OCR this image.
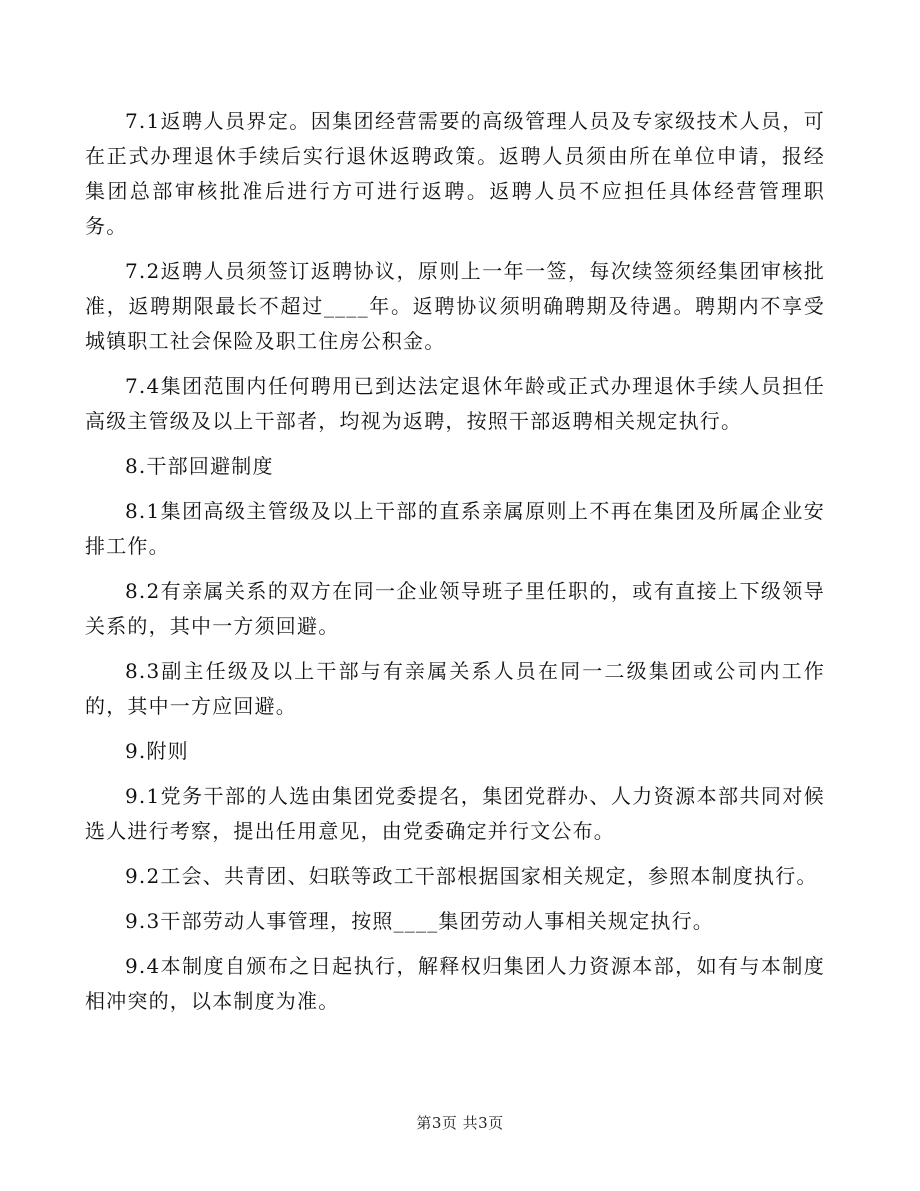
7.1返聘人员界定。因集团经营需要的高级管理人员及专家级技术人员，可在正式办理退休手续后实行退休返聘政策。返聘人员须由所在单位申请，报经集团总部审核批准后进行方可进行返聘。返聘人员不应担任具体经营管理职务。

7.2返聘人员须签订返聘协议，原则上一年一签，每次续签须经集团审核批准，返聘期限最长不超过____年。返聘协议须明确聘期及待遇。聘期内不享受城镇职工社会保险及职工住房公积金。

7.4集团范围内任何聘用已到达法定退休年龄或正式办理退休手续人员担任高级主管级及以上干部者，均视为返聘，按照干部返聘相关规定执行。

8.干部回避制度

8.1集团高级主管级及以上干部的直系亲属原则上不再在集团及所属企业安排工作。

8.2有亲属关系的双方在同一企业领导班子里任职的，或有直接上下级领导关系的，其中一方须回避。

8.3副主任级及以上干部与有亲属关系人员在同一二级集团或公司内工作的，其中一方应回避。

9.附则

9.1党务干部的人选由集团党委提名，集团党群办、人力资源本部共同对候选人进行考察，提出任用意见，由党委确定并行文公布。

9.2工会、共青团、妇联等政工干部根据国家相关规定，参照本制度执行。

9.3干部劳动人事管理，按照____集团劳动人事相关规定执行。

9.4本制度自颁布之日起执行，解释权归集团人力资源本部，如有与本制度相冲突的，以本制度为准。

第3页 共3页
